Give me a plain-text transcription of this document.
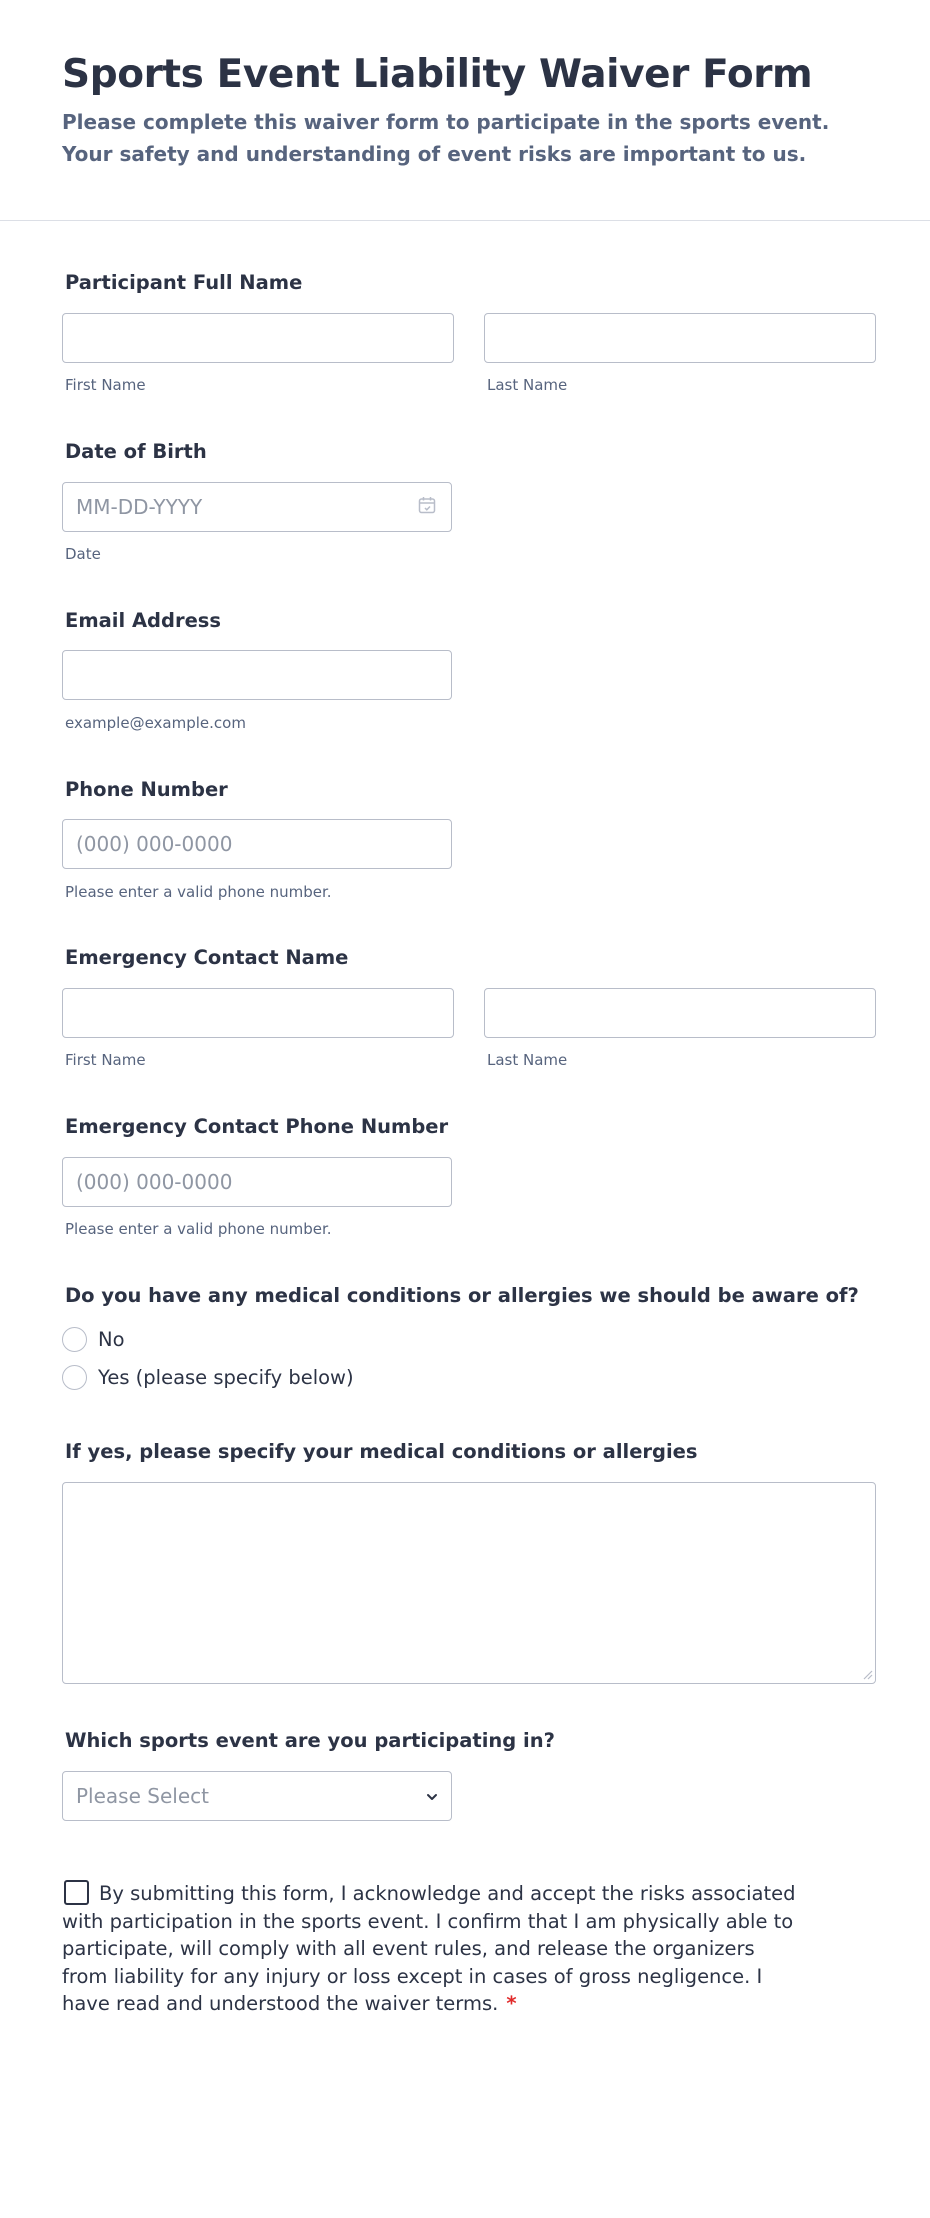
Sports Event Liability Waiver Form

Please complete this waiver form to participate in the sports event. Your safety and understanding of event risks are important to us.

Participant Full Name
First Name	Last Name
Date of Birth
MM-DD-YYYY
Date
Email Address
example@example.com
Phone Number
(000) 000-0000
Please enter a valid phone number.
Emergency Contact Name
First Name	Last Name
Emergency Contact Phone Number
(000) 000-0000
Please enter a valid phone number.
Do you have any medical conditions or allergies we should be aware of?
No
Yes (please specify below)
If yes, please specify your medical conditions or allergies
Which sports event are you participating in?
Please Select
By submitting this form, I acknowledge and accept the risks associated with participation in the sports event. I confirm that I am physically able to participate, will comply with all event rules, and release the organizers from liability for any injury or loss except in cases of gross negligence. I have read and understood the waiver terms. *
